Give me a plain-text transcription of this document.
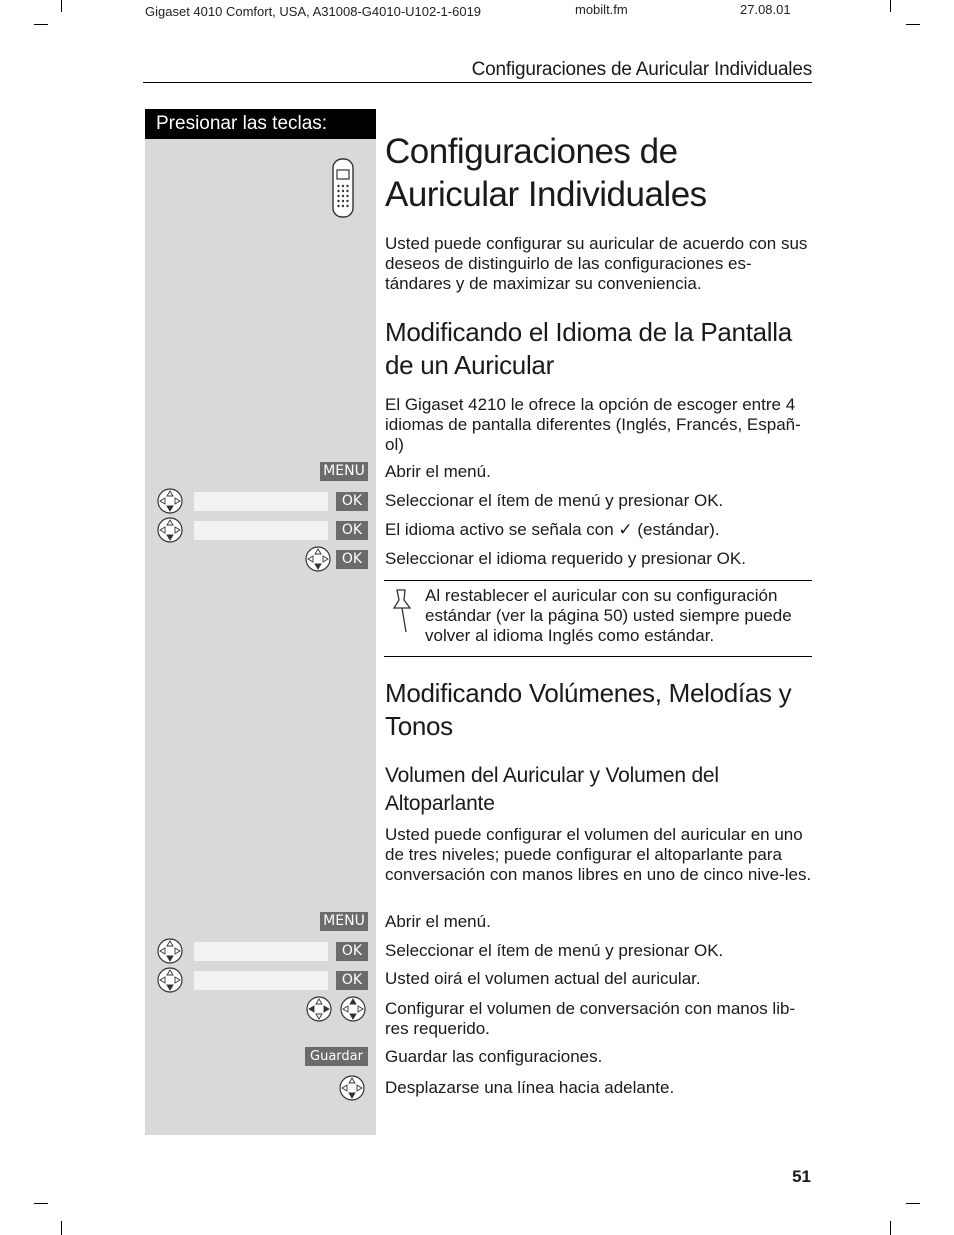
Gigaset 4010 Comfort, USA, A31008-G4010-U102-1-6019	mobilt.fm	27.08.01
Configuraciones de Auricular Individuales
Presionar las teclas:
Configuraciones de Auricular Individuales

Usted puede configurar su auricular de acuerdo con sus deseos de distinguirlo de las configuraciones es-tándares y de maximizar su conveniencia.

Modificando el Idioma de la Pantalla de un Auricular

El Gigaset 4210 le ofrece la opción de escoger entre 4 idiomas de pantalla diferentes (Inglés, Francés, Españ-ol)

MENU Abrir el menú.
OK	Seleccionar el ítem de menú y presionar OK.
OK	El idioma activo se señala con ✓ (estándar).
OK	Seleccionar el idioma requerido y presionar OK.

Al restablecer el auricular con su configuración estándar (ver la página 50) usted siempre puede volver al idioma Inglés como estándar.

Modificando Volúmenes, Melodías y Tonos
Volumen del Auricular y Volumen del Altoparlante

Usted puede configurar el volumen del auricular en uno de tres niveles; puede configurar el altoparlante para conversación con manos libres en uno de cinco nive-les.

MENU Abrir el menú.
OK	Seleccionar el ítem de menú y presionar OK.
OK	Usted oirá el volumen actual del auricular.
Configurar el volumen de conversación con manos lib-res requerido.
Guardar Guardar las configuraciones.
Desplazarse una línea hacia adelante.
51
